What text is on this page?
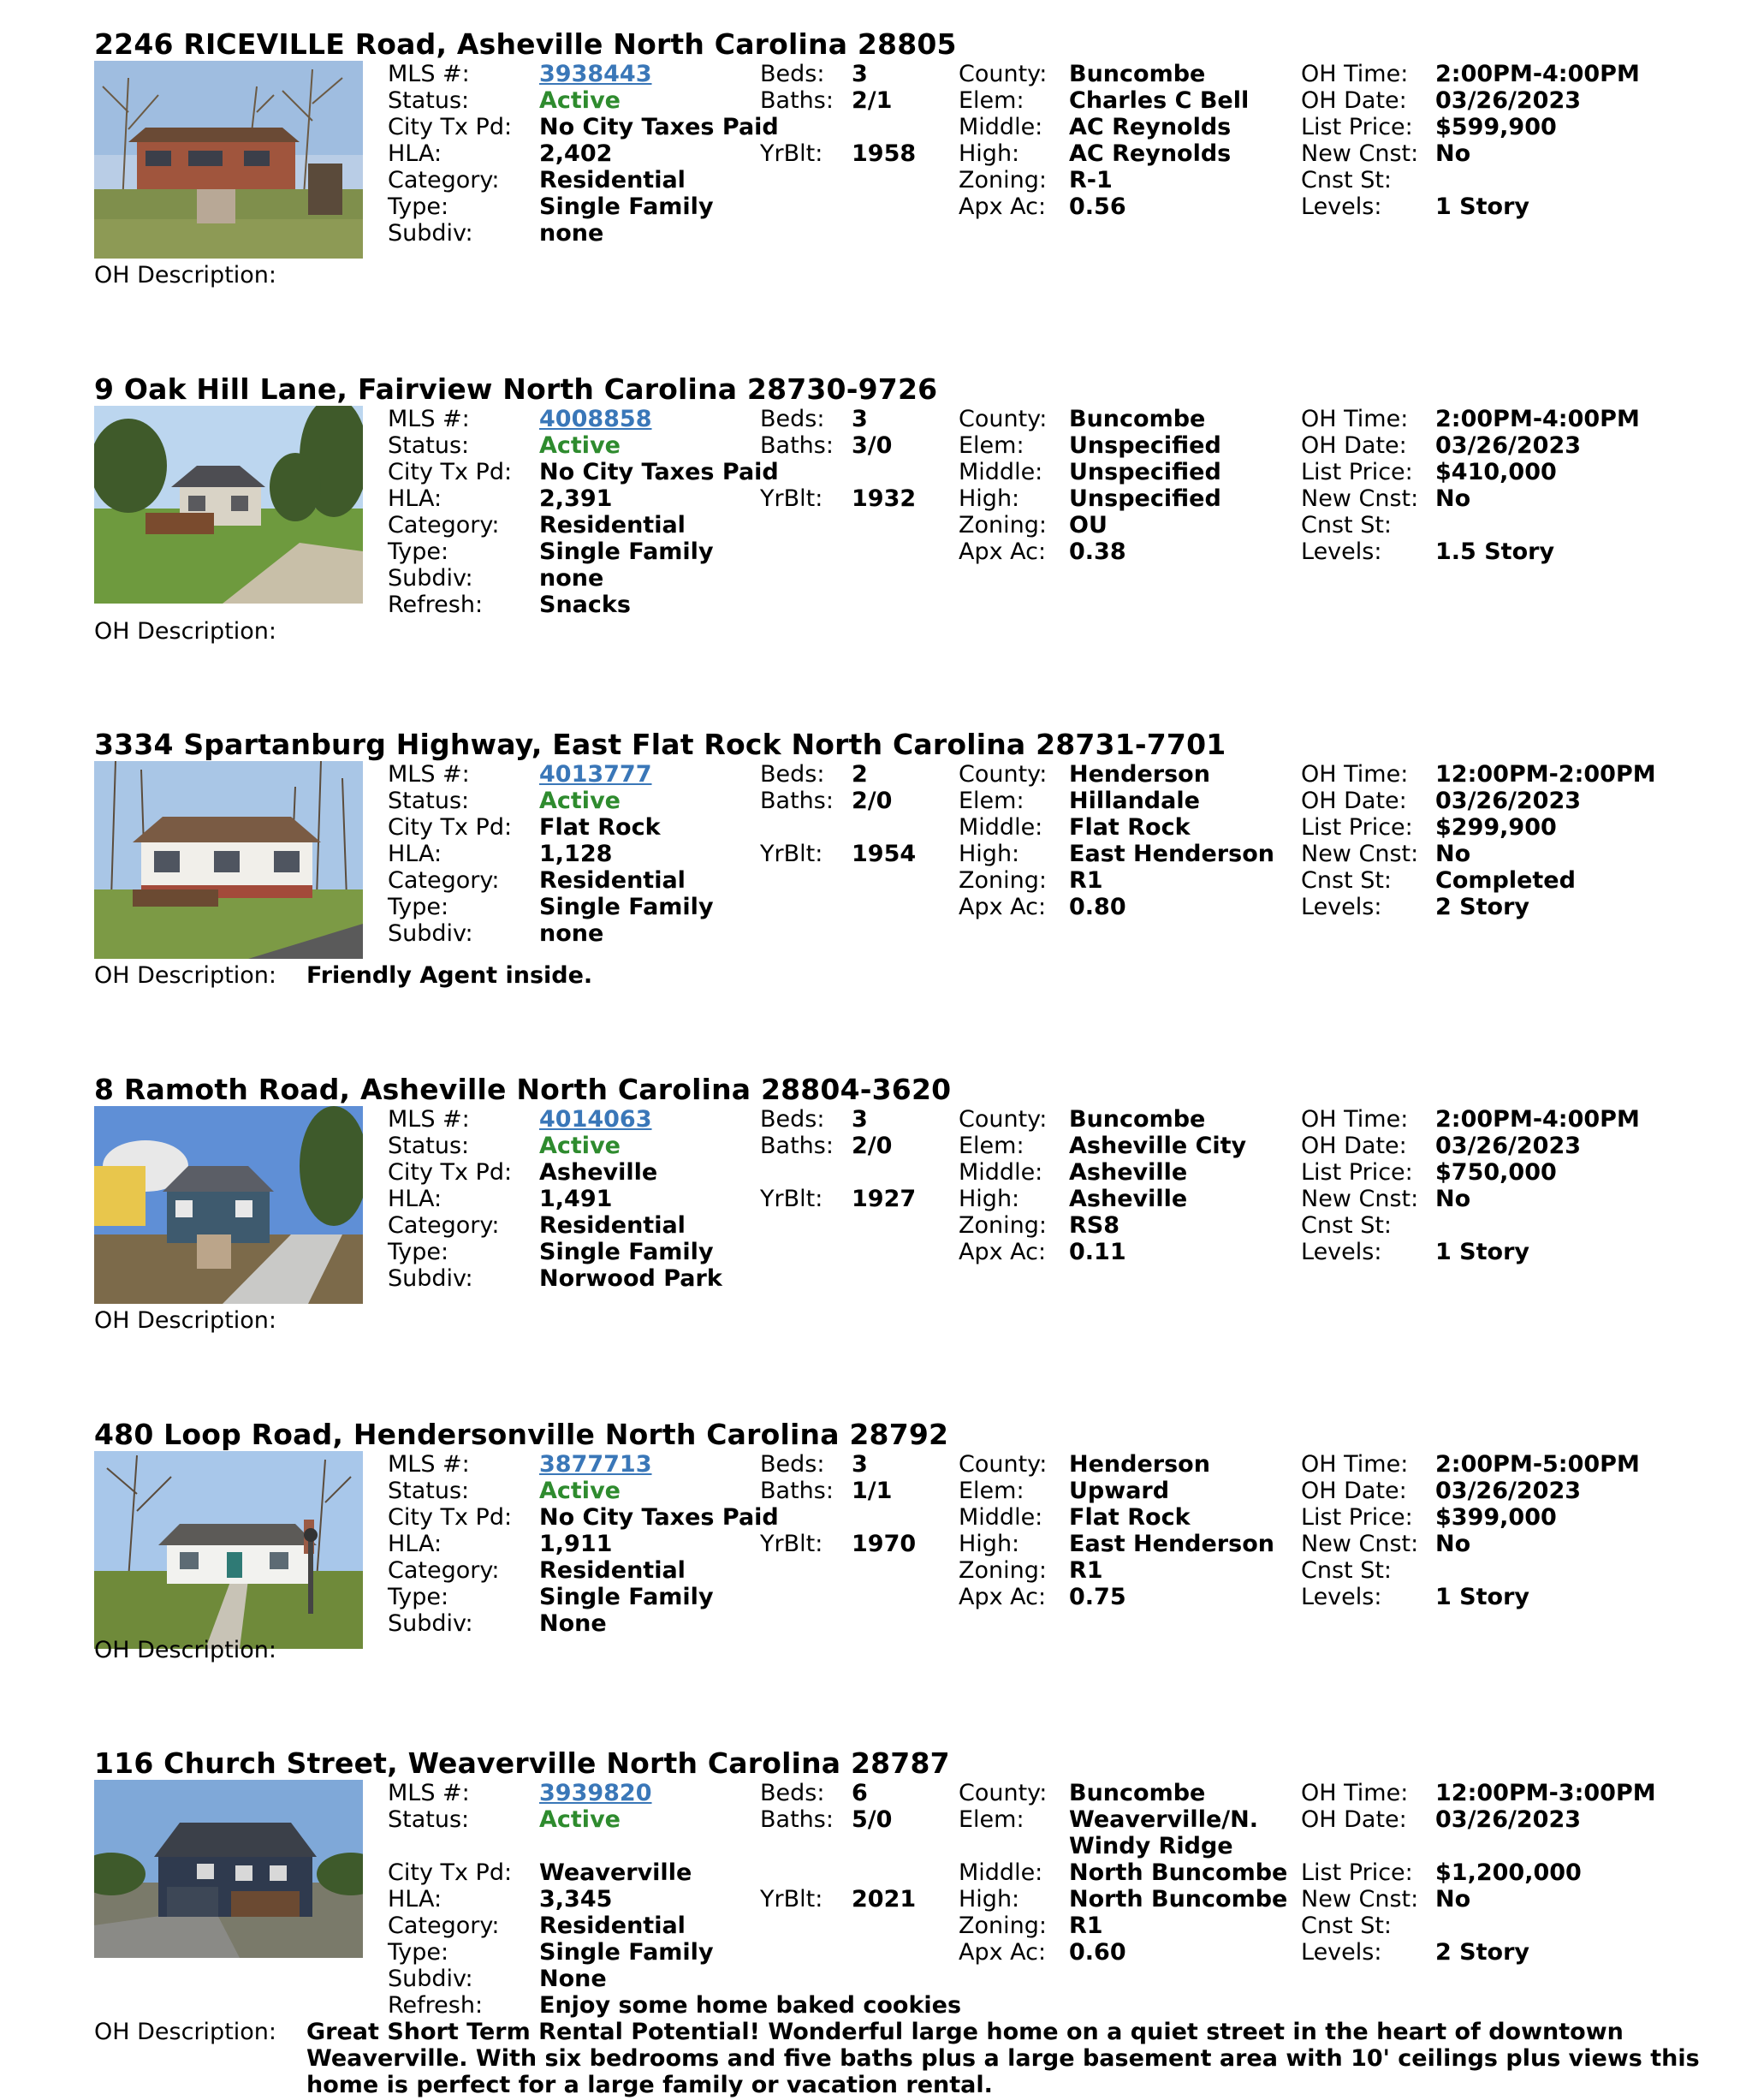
2246 RICEVILLE Road, Asheville North Carolina 28805
MLS #:	3938443	Beds: 3	County: Buncombe	OH Time: 2:00PM-4:00PM
Status:	Active	Baths: 2/1	Elem: Charles C Bell OH Date: 03/26/2023
City Tx Pd: No City Taxes Paid	Middle: AC Reynolds	List Price: $599,900
HLA:	2,402	YrBlt: 1958 High: AC Reynolds	New Cnst: No
Category: Residential	Zoning: R-1	Cnst St:
Type:	Single Family	Apx Ac: 0.56	Levels: 1 Story
Subdiv:	none
OH Description:
9 Oak Hill Lane, Fairview North Carolina 28730-9726
MLS #:	4008858	Beds: 3	County: Buncombe	OH Time: 2:00PM-4:00PM
Status:	Active	Baths: 3/0	Elem: Unspecified	OH Date: 03/26/2023
City Tx Pd: No City Taxes Paid	Middle: Unspecified	List Price: $410,000
HLA:	2,391	YrBlt: 1932 High: Unspecified	New Cnst: No
Category: Residential	Zoning: OU	Cnst St:
Type:	Single Family	Apx Ac: 0.38	Levels: 1.5 Story
Subdiv:	none
Refresh: Snacks
OH Description:
3334 Spartanburg Highway, East Flat Rock North Carolina 28731-7701
MLS #:	4013777	Beds: 2	County: Henderson	OH Time: 12:00PM-2:00PM
Status:	Active	Baths: 2/0	Elem: Hillandale	OH Date: 03/26/2023
City Tx Pd: Flat Rock	Middle: Flat Rock	List Price: $299,900
HLA:	1,128	YrBlt: 1954 High: East Henderson New Cnst: No
Category: Residential	Zoning: R1	Cnst St: Completed
Type:	Single Family	Apx Ac: 0.80	Levels: 2 Story
Subdiv:	none
OH Description: Friendly Agent inside.
8 Ramoth Road, Asheville North Carolina 28804-3620
MLS #:	4014063	Beds: 3	County: Buncombe	OH Time: 2:00PM-4:00PM
Status:	Active	Baths: 2/0	Elem: Asheville City OH Date: 03/26/2023
City Tx Pd: Asheville	Middle: Asheville	List Price: $750,000
HLA:	1,491	YrBlt: 1927 High: Asheville	New Cnst: No
Category: Residential	Zoning: RS8	Cnst St:
Type:	Single Family	Apx Ac: 0.11	Levels: 1 Story
Subdiv:	Norwood Park
OH Description:
480 Loop Road, Hendersonville North Carolina 28792
MLS #:	3877713	Beds: 3	County: Henderson	OH Time: 2:00PM-5:00PM
Status:	Active	Baths: 1/1	Elem: Upward	OH Date: 03/26/2023
City Tx Pd: No City Taxes Paid	Middle: Flat Rock	List Price: $399,000
HLA:	1,911	YrBlt: 1970 High: East Henderson New Cnst: No
Category: Residential	Zoning: R1	Cnst St:
Type:	Single Family	Apx Ac: 0.75	Levels: 1 Story
Subdiv:	None
OH Description:
116 Church Street, Weaverville North Carolina 28787
MLS #:	3939820	Beds: 6	County: Buncombe	OH Time: 12:00PM-3:00PM
Status:	Active	Baths: 5/0	Elem: Weaverville/N. OH Date: 03/26/2023
Windy Ridge
City Tx Pd: Weaverville	Middle: North Buncombe List Price: $1,200,000
HLA:	3,345	YrBlt: 2021 High: North Buncombe New Cnst: No
Category: Residential	Zoning: R1	Cnst St:
Type:	Single Family	Apx Ac: 0.60	Levels: 2 Story
Subdiv:	None
Refresh: Enjoy some home baked cookies
OH Description: Great Short Term Rental Potential! Wonderful large home on a quiet street in the heart of downtown Weaverville. With six bedrooms and five baths plus a large basement area with 10' ceilings plus views this home is perfect for a large family or vacation rental.
